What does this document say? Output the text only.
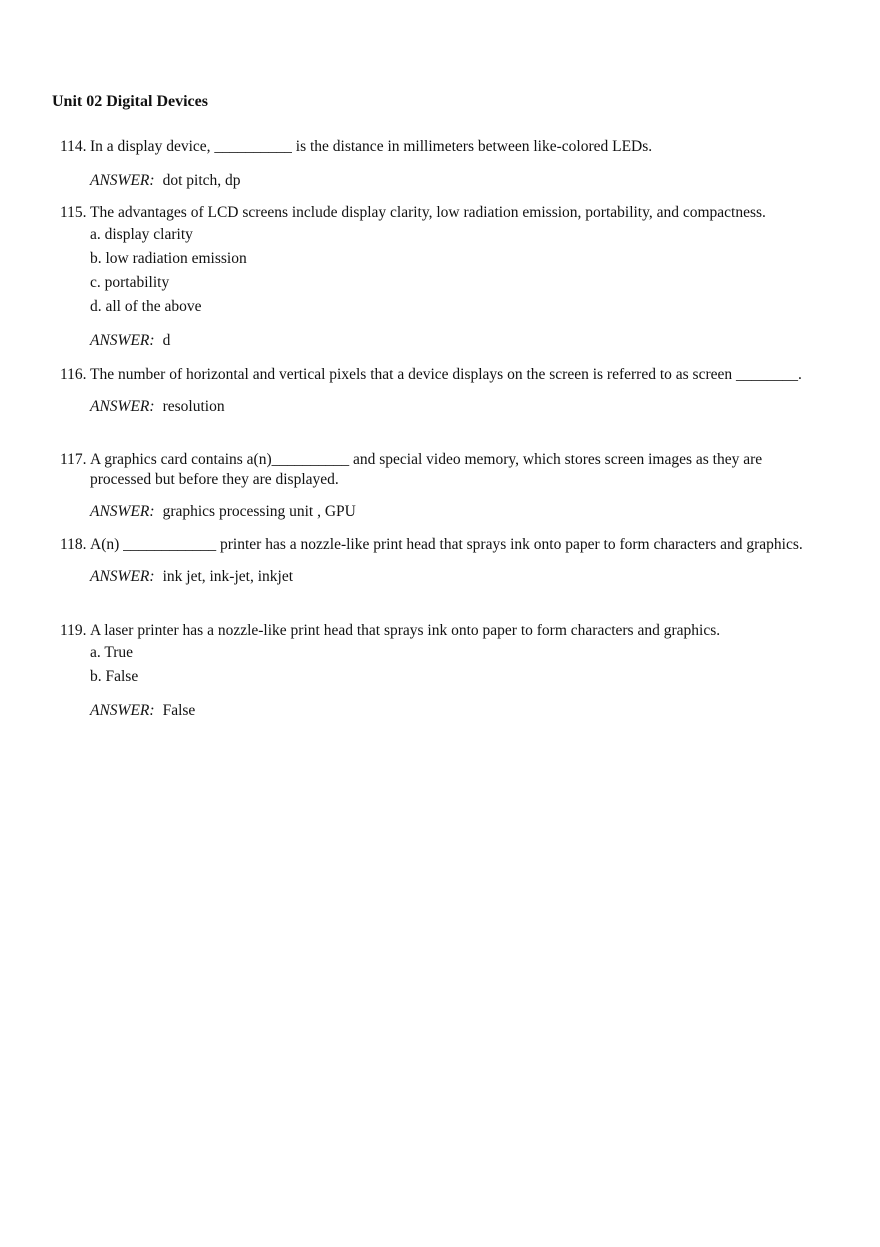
Unit 02 Digital Devices
114. In a display device, __________ is the distance in millimeters between like-colored LEDs.
ANSWER: dot pitch, dp
115. The advantages of LCD screens include display clarity, low radiation emission, portability, and compactness.
a. display clarity
b. low radiation emission
c. portability
d. all of the above
ANSWER: d
116. The number of horizontal and vertical pixels that a device displays on the screen is referred to as screen ________.
ANSWER: resolution
117. A graphics card contains a(n)__________ and special video memory, which stores screen images as they are processed but before they are displayed.
ANSWER: graphics processing unit , GPU
118. A(n) ____________ printer has a nozzle-like print head that sprays ink onto paper to form characters and graphics.
ANSWER: ink jet, ink-jet, inkjet
119. A laser printer has a nozzle-like print head that sprays ink onto paper to form characters and graphics.
a. True
b. False
ANSWER: False
